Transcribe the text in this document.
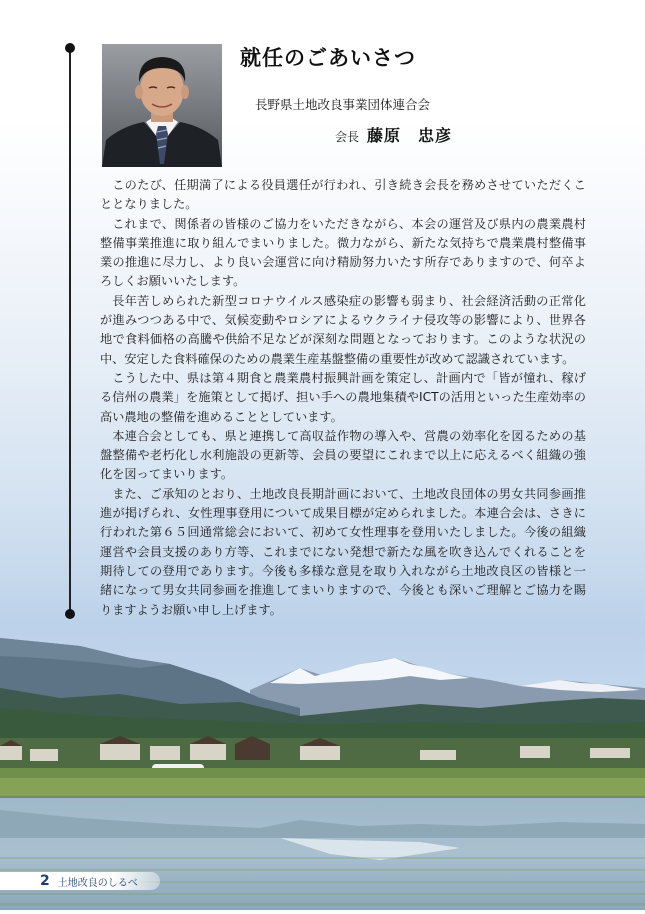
就任のごあいさつ
長野県土地改良事業団体連合会
会長 藤原　忠彦

このたび、任期満了による役員選任が行われ、引き続き会長を務めさせていただくこととなりました。

これまで、関係者の皆様のご協力をいただきながら、本会の運営及び県内の農業農村整備事業推進に取り組んでまいりました。微力ながら、新たな気持ちで農業農村整備事業の推進に尽力し、より良い会運営に向け精励努力いたす所存でありますので、何卒よろしくお願いいたします。

長年苦しめられた新型コロナウイルス感染症の影響も弱まり、社会経済活動の正常化が進みつつある中で、気候変動やロシアによるウクライナ侵攻等の影響により、世界各地で食料価格の高騰や供給不足などが深刻な問題となっております。このような状況の中、安定した食料確保のための農業生産基盤整備の重要性が改めて認識されています。

こうした中、県は第４期食と農業農村振興計画を策定し、計画内で「皆が憧れ、稼げる信州の農業」を施策として掲げ、担い手への農地集積やICTの活用といった生産効率の高い農地の整備を進めることとしています。

本連合会としても、県と連携して高収益作物の導入や、営農の効率化を図るための基盤整備や老朽化し水利施設の更新等、会員の要望にこれまで以上に応えるべく組織の強化を図ってまいります。

また、ご承知のとおり、土地改良長期計画において、土地改良団体の男女共同参画推進が掲げられ、女性理事登用について成果目標が定められました。本連合会は、さきに行われた第６５回通常総会において、初めて女性理事を登用いたしました。今後の組織運営や会員支援のあり方等、これまでにない発想で新たな風を吹き込んでくれることを期待しての登用であります。今後も多様な意見を取り入れながら土地改良区の皆様と一緒になって男女共同参画を推進してまいりますので、今後とも深いご理解とご協力を賜りますようお願い申し上げます。

2 土地改良のしるべ
